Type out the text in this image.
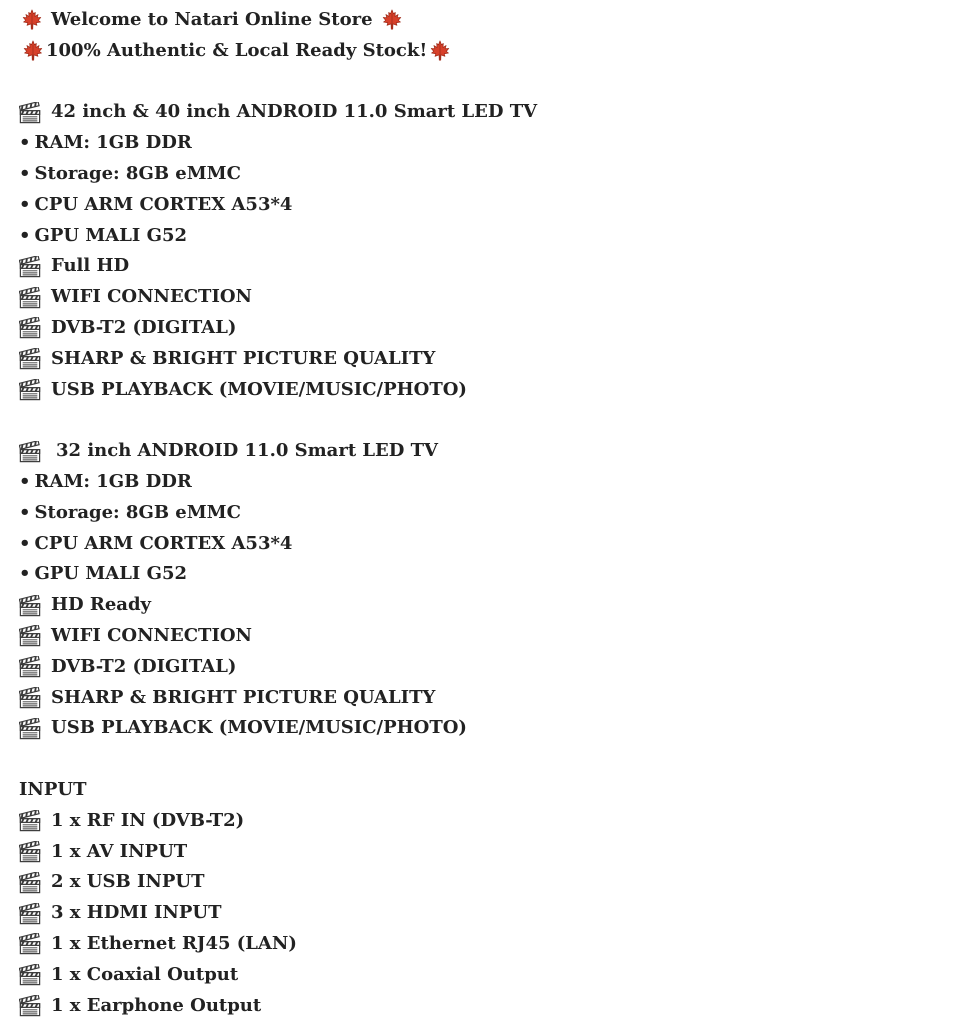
Welcome to Natari Online Store
100% Authentic & Local Ready Stock!
42 inch & 40 inch ANDROID 11.0 Smart LED TV
• RAM: 1GB DDR
• Storage: 8GB eMMC
• CPU ARM CORTEX A53*4
• GPU MALI G52
Full HD
WIFI CONNECTION
DVB-T2 (DIGITAL)
SHARP & BRIGHT PICTURE QUALITY
USB PLAYBACK (MOVIE/MUSIC/PHOTO)
32 inch ANDROID 11.0 Smart LED TV
• RAM: 1GB DDR
• Storage: 8GB eMMC
• CPU ARM CORTEX A53*4
• GPU MALI G52
HD Ready
WIFI CONNECTION
DVB-T2 (DIGITAL)
SHARP & BRIGHT PICTURE QUALITY
USB PLAYBACK (MOVIE/MUSIC/PHOTO)
INPUT
1 x RF IN (DVB-T2)
1 x AV INPUT
2 x USB INPUT
3 x HDMI INPUT
1 x Ethernet RJ45 (LAN)
1 x Coaxial Output
1 x Earphone Output
